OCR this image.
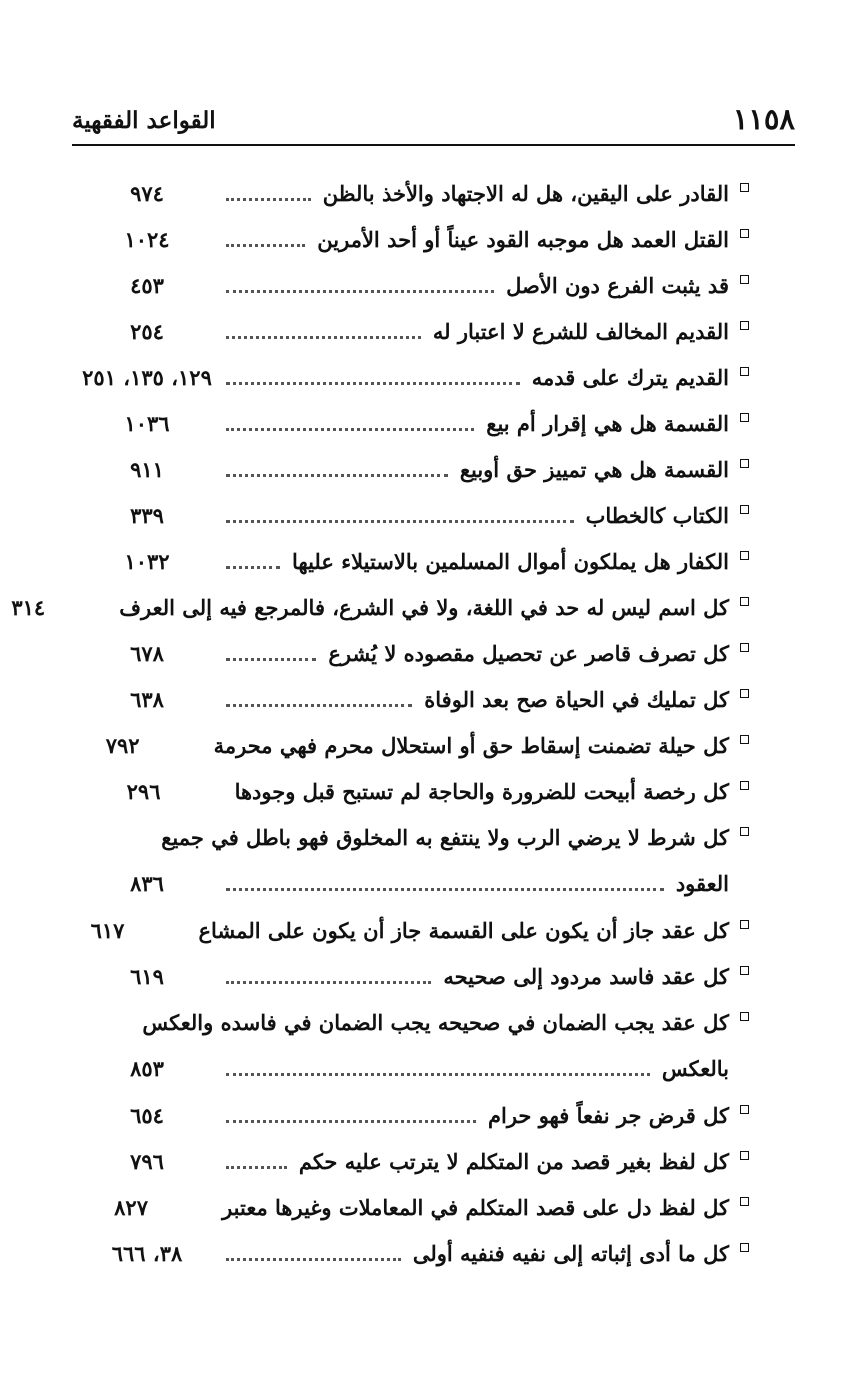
١١٥٨
القواعد الفقهية
القادر على اليقين، هل له الاجتهاد والأخذ بالظن
٩٧٤
القتل العمد هل موجبه القود عيناً أو أحد الأمرين
١٠٢٤
قد يثبت الفرع دون الأصل
٤٥٣
القديم المخالف للشرع لا اعتبار له
٢٥٤
القديم يترك على قدمه
١٢٩، ١٣٥، ٢٥١
القسمة هل هي إقرار أم بيع
١٠٣٦
القسمة هل هي تمييز حق أوبيع
٩١١
الكتاب كالخطاب
٣٣٩
الكفار هل يملكون أموال المسلمين بالاستيلاء عليها
١٠٣٢
كل اسم ليس له حد في اللغة، ولا في الشرع، فالمرجع فيه إلى العرف
٣١٤
كل تصرف قاصر عن تحصيل مقصوده لا يُشرع
٦٧٨
كل تمليك في الحياة صح بعد الوفاة
٦٣٨
كل حيلة تضمنت إسقاط حق أو استحلال محرم فهي محرمة
٧٩٢
كل رخصة أبيحت للضرورة والحاجة لم تستبح قبل وجودها
٢٩٦
كل شرط لا يرضي الرب ولا ينتفع به المخلوق فهو باطل في جميع
العقود
٨٣٦
كل عقد جاز أن يكون على القسمة جاز أن يكون على المشاع
٦١٧
كل عقد فاسد مردود إلى صحيحه
٦١٩
كل عقد يجب الضمان في صحيحه يجب الضمان في فاسده والعكس
بالعكس
٨٥٣
كل قرض جر نفعاً فهو حرام
٦٥٤
كل لفظ بغير قصد من المتكلم لا يترتب عليه حكم
٧٩٦
كل لفظ دل على قصد المتكلم في المعاملات وغيرها معتبر
٨٢٧
كل ما أدى إثباته إلى نفيه فنفيه أولى
٣٨، ٦٦٦
